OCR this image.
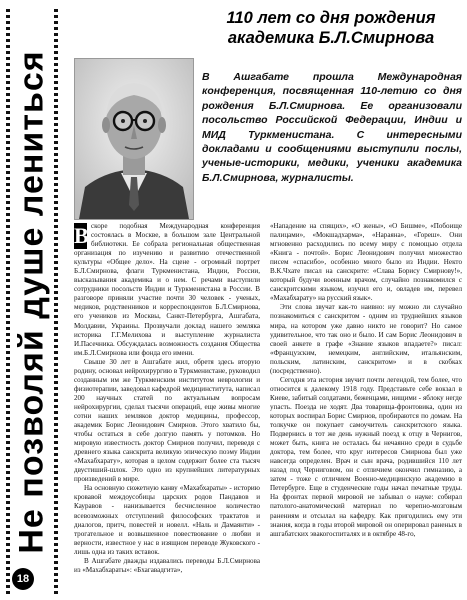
Не позволяй душе лениться
18
110 лет со дня рождения
академика Б.Л.Смирнова

В Ашгабате прошла Международная конференция, посвященная 110-летию со дня рождения Б.Л.Смирнова. Ее организовали посольство Российской Федерации, Индии и МИД Туркменистана. С интересными докладами и сообщениями выступили послы, ученые-историки, медики, ученики академика Б.Л.Смирнова, журналисты.

В скоре подобная Международная конференция состоялась в Москве, в большом зале Центральной библиотеки. Ее собрала региональная общественная организация по изучению и развитию отечественной культуры «Общее дело». На сцене - огромный портрет Б.Л.Смирнова, флаги Туркменистана, Индии, России, высказывания академика и о нем. С речами выступили сотрудники посольств Индии и Туркменистана в России. В разговоре приняли участие почти 30 человек - ученых, медиков, родственников и корреспондентов Б.Л.Смирнова, его учеников из Москвы, Санкт-Петербурга, Ашгабата, Молдавии, Украины. Прозвучали доклад нашего земляка историка Г.Г.Мелихова и выступление журналиста И.Пасечника. Обсуждалась возможность создания Общества им.Б.Л.Смирнова или фонда его имени.

Свыше 30 лет в Ашгабате жил, обретя здесь вторую родину, основал нейрохирургию в Туркменистане, руководил созданным им же Туркменским институтом неврологии и физиотерапии, заведовал кафедрой медицинститута, написал 200 научных статей по актуальным вопросам нейрохирургии, сделал тысячи операций, еще живы многие сотни наших земляков доктор медицины, профессор, академик Борис Леонидович Смирнов. Этого хватило бы, чтобы остаться в себе долгую память у потомков. Но мировую известность доктор Смирнов получил, переведя с древнего языка санскрита великую эпическую поэму Индии «Махабхарату», которая в целом содержит более ста тысяч двустиший-шлок. Это одно из крупнейших литературных произведений в мире.

На основную сюжетную канву «Махабхараты» - историю кровавой междоусобицы царских родов Пандавов и Кауравов - нанизывается бесчисленное количество всевозможных отступлений философских трактатов и диалогов, притч, повестей и новелл. «Наль и Дамаянти» - трогательное и возвышенное повествование о любви и верности, известное у нас в изящном переводе Жуковского - лишь одна из таких вставок.

В Ашгабате дважды издавались переводы Б.Л.Смирнова из «Махабхараты»: «Бхагавадгита»,

«Нападение на спящих», «О жены», «О Бишме», «Побоище палицами», «Мокшадхарма», «Нараяна», «Гореш». Они мгновенно расходились по всему миру с помощью отдела «Книга - почтой». Борис Леонидович получил множество писем «спасибо», особенно много было из Индии. Некто В.К.Чхате писал на санскрите: «Слава Борису Смирнову!», который будучи военным врачом, случайно познакомился с санскритскими языком, изучил его и, овладев им, перевел «Махабхарату» на русский язык».

Эти слова звучат как-то наивно: ну можно ли случайно познакомиться с санскритом - одним из труднейших языков мира, на котором уже давно никто не говорит? Но самое удивительное, что так оно и было. И сам Борис Леонидович в своей анкете в графе «Знание языков впадаете?» писал: «Французским, немецким, английским, итальянским, польским, латинским, санскритом» и в скобках (посредственно).

Сегодня эта история звучит почти легендой, тем более, что относится к далекому 1918 году. Представьте себе вокзал в Киеве, забитый солдатами, беженцами, нищими - яблоку негде упасть. Поезда не ходят. Два товарища-фронтовика, один из которых воспирал Борис Смирнов, пробираются по домам. На толкучке он покупает самоучитель санскритского языка. Подвернись в тот же день нужный поезд к отцу в Чернигов, может быть, книга не осталась бы нечаянно среди в судьбе доктора, тем более, что круг интересов Смирнова был уже навсегда определен. Врач и сын врача, родившийся 110 лет назад под Черниговом, он с отличием окончил гимназию, а затем - тоже с отличием Военно-медицинскую академию в Петербурге. Еще в студенческие годы начал печатные труды. На фронтах первой мировой не забывал о науке: собирал патолого-анатомический материал по черепно-мозговым ранениям и отсылал на кафедру. Как пригодились ему эти знания, когда в годы второй мировой он оперировал раненых в ашгабатских эвакогоспиталях и в октябре 48-го,
